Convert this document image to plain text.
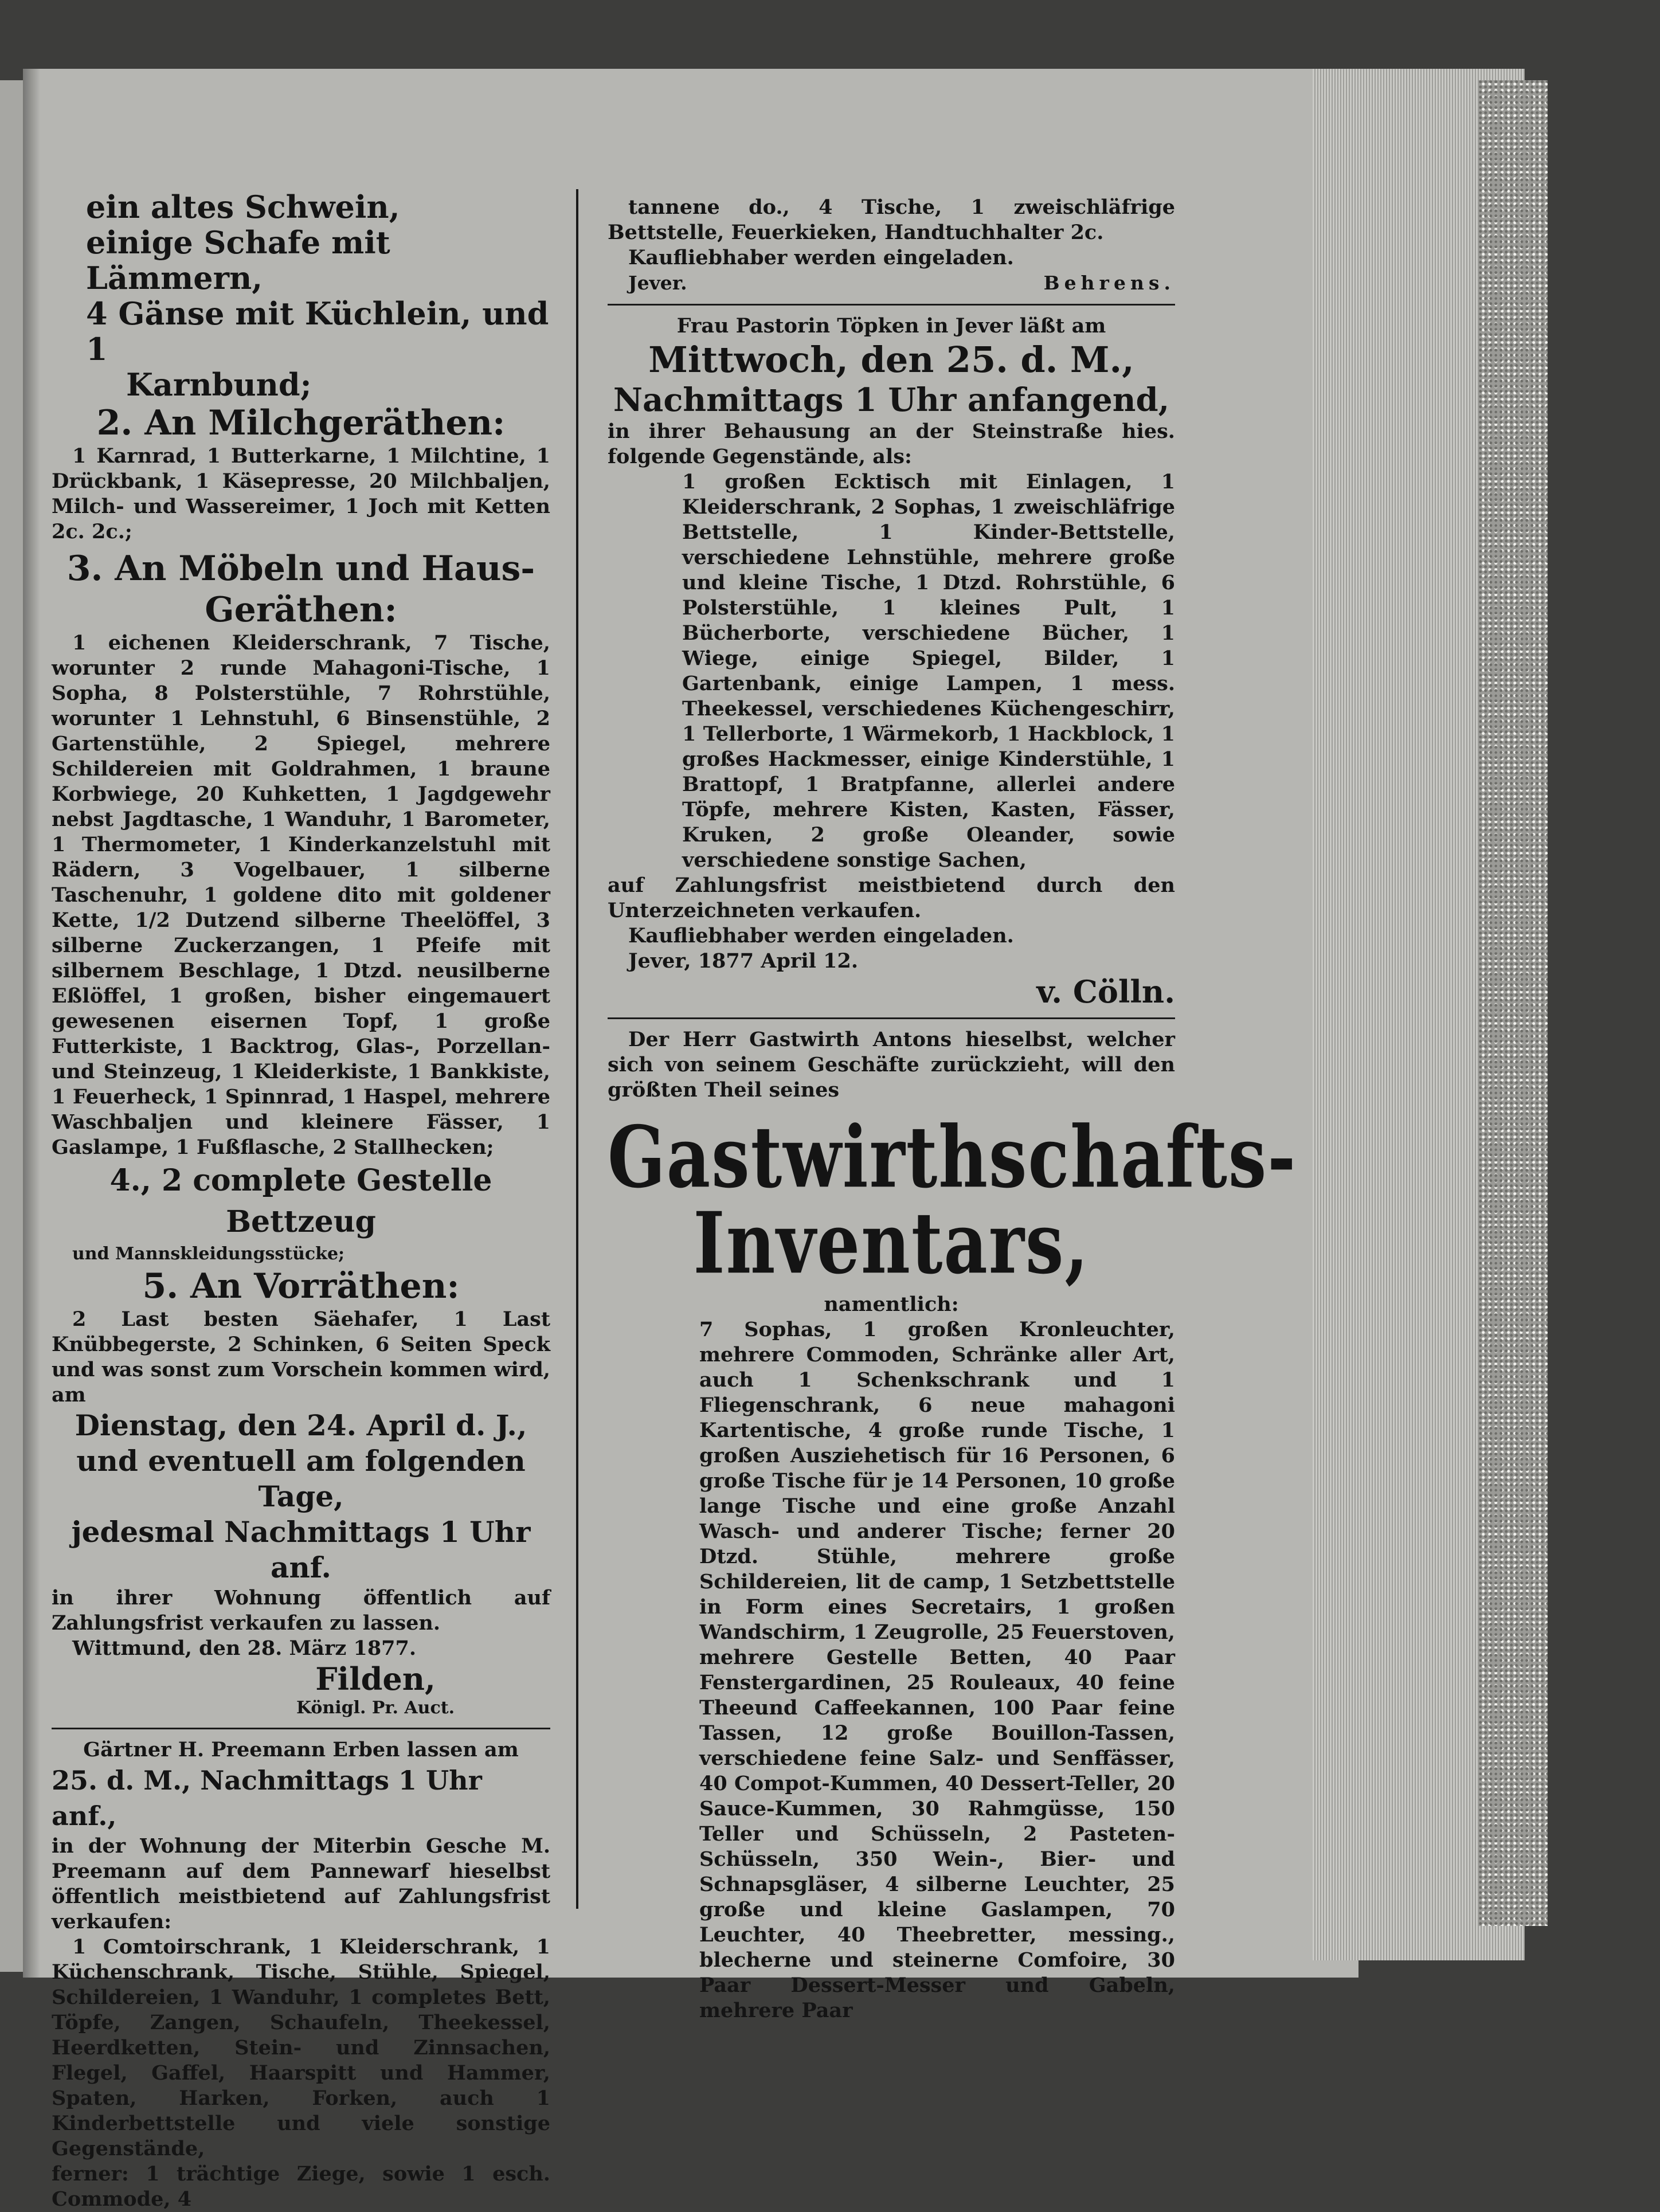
ein altes Schwein,
einige Schafe mit Lämmern,
4 Gänse mit Küchlein, und 1
Karnbund;
2. An Milchgeräthen:
1 Karnrad, 1 Butterkarne, 1 Milchtine, 1 Drückbank, 1 Käsepresse, 20 Milchbaljen, Milch- und Wassereimer, 1 Joch mit Ketten 2c. 2c.;
3. An Möbeln und Haus-Geräthen:
1 eichenen Kleiderschrank, 7 Tische, worunter 2 runde Mahagoni-Tische, 1 Sopha, 8 Polsterstühle, 7 Rohrstühle, worunter 1 Lehnstuhl, 6 Binsenstühle, 2 Gartenstühle, 2 Spiegel, mehrere Schildereien mit Goldrahmen, 1 braune Korbwiege, 20 Kuhketten, 1 Jagdgewehr nebst Jagdtasche, 1 Wanduhr, 1 Barometer, 1 Thermometer, 1 Kinderkanzelstuhl mit Rädern, 3 Vogelbauer, 1 silberne Taschenuhr, 1 goldene dito mit goldener Kette, 1/2 Dutzend silberne Theelöffel, 3 silberne Zuckerzangen, 1 Pfeife mit silbernem Beschlage, 1 Dtzd. neusilberne Eßlöffel, 1 großen, bisher eingemauert gewesenen eisernen Topf, 1 große Futterkiste, 1 Backtrog, Glas-, Porzellan- und Steinzeug, 1 Kleiderkiste, 1 Bankkiste, 1 Feuerheck, 1 Spinnrad, 1 Haspel, mehrere Waschbaljen und kleinere Fässer, 1 Gaslampe, 1 Fußflasche, 2 Stallhecken;
4., 2 complete Gestelle Bettzeug
und Mannskleidungsstücke;
5. An Vorräthen:
2 Last besten Säehafer, 1 Last Knübbegerste, 2 Schinken, 6 Seiten Speck und was sonst zum Vorschein kommen wird, am
Dienstag, den 24. April d. J.,
und eventuell am folgenden Tage,
jedesmal Nachmittags 1 Uhr anf.
in ihrer Wohnung öffentlich auf Zahlungsfrist verkaufen zu lassen.
Wittmund, den 28. März 1877.
Filden,
Königl. Pr. Auct.
Gärtner H. Preemann Erben lassen am
25. d. M., Nachmittags 1 Uhr anf.,
in der Wohnung der Miterbin Gesche M. Preemann auf dem Pannewarf hieselbst öffentlich meistbietend auf Zahlungsfrist verkaufen:
1 Comtoirschrank, 1 Kleiderschrank, 1 Küchenschrank, Tische, Stühle, Spiegel, Schildereien, 1 Wanduhr, 1 completes Bett, Töpfe, Zangen, Schaufeln, Theekessel, Heerdketten, Stein- und Zinnsachen, Flegel, Gaffel, Haarspitt und Hammer, Spaten, Harken, Forken, auch 1 Kinderbettstelle und viele sonstige Gegenstände,
ferner: 1 trächtige Ziege, sowie 1 esch. Commode, 4
tannene do., 4 Tische, 1 zweischläfrige Bettstelle, Feuerkieken, Handtuchhalter 2c.
Kaufliebhaber werden eingeladen.
Jever.	Behrens.
Frau Pastorin Töpken in Jever läßt am
Mittwoch, den 25. d. M.,
Nachmittags 1 Uhr anfangend,
in ihrer Behausung an der Steinstraße hies. folgende Gegenstände, als:
1 großen Ecktisch mit Einlagen, 1 Kleiderschrank, 2 Sophas, 1 zweischläfrige Bettstelle, 1 Kinder-Bettstelle, verschiedene Lehnstühle, mehrere große und kleine Tische, 1 Dtzd. Rohrstühle, 6 Polsterstühle, 1 kleines Pult, 1 Bücherborte, verschiedene Bücher, 1 Wiege, einige Spiegel, Bilder, 1 Gartenbank, einige Lampen, 1 mess. Theekessel, verschiedenes Küchengeschirr, 1 Tellerborte, 1 Wärmekorb, 1 Hackblock, 1 großes Hackmesser, einige Kinderstühle, 1 Brattopf, 1 Bratpfanne, allerlei andere Töpfe, mehrere Kisten, Kasten, Fässer, Kruken, 2 große Oleander, sowie verschiedene sonstige Sachen,
auf Zahlungsfrist meistbietend durch den Unterzeichneten verkaufen.
Kaufliebhaber werden eingeladen.
Jever, 1877 April 12.
v. Cölln.
Der Herr Gastwirth Antons hieselbst, welcher sich von seinem Geschäfte zurückzieht, will den größten Theil seines
Gastwirthschafts-
Inventars,
namentlich:
7 Sophas, 1 großen Kronleuchter, mehrere Commoden, Schränke aller Art, auch 1 Schenkschrank und 1 Fliegenschrank, 6 neue mahagoni Kartentische, 4 große runde Tische, 1 großen Ausziehetisch für 16 Personen, 6 große Tische für je 14 Personen, 10 große lange Tische und eine große Anzahl Wasch- und anderer Tische; ferner 20 Dtzd. Stühle, mehrere große Schildereien, lit de camp, 1 Setzbettstelle in Form eines Secretairs, 1 großen Wandschirm, 1 Zeugrolle, 25 Feuerstoven, mehrere Gestelle Betten, 40 Paar Fenstergardinen, 25 Rouleaux, 40 feine Theeund Caffeekannen, 100 Paar feine Tassen, 12 große Bouillon-Tassen, verschiedene feine Salz- und Senffässer, 40 Compot-Kummen, 40 Dessert-Teller, 20 Sauce-Kummen, 30 Rahmgüsse, 150 Teller und Schüsseln, 2 Pasteten-Schüsseln, 350 Wein-, Bier- und Schnapsgläser, 4 silberne Leuchter, 25 große und kleine Gaslampen, 70 Leuchter, 40 Theebretter, messing., blecherne und steinerne Comfoire, 30 Paar Dessert-Messer und Gabeln, mehrere Paar
